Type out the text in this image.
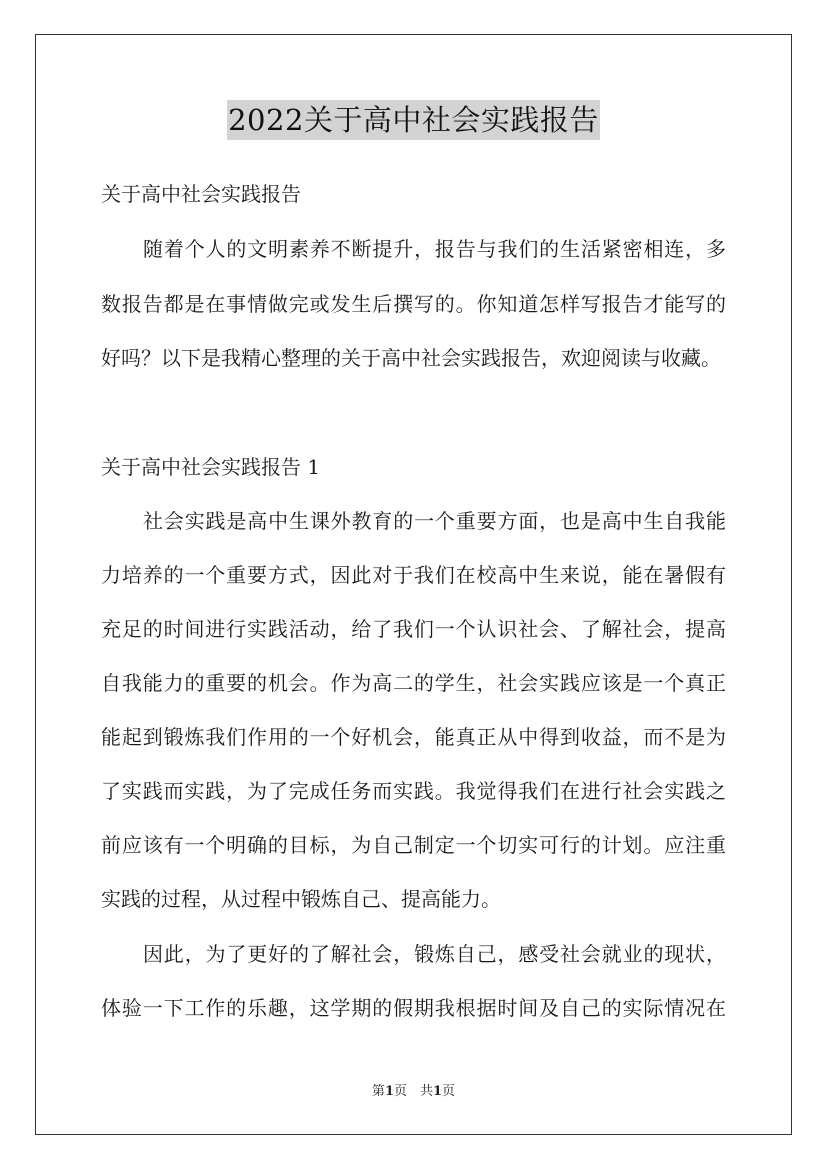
2022关于高中社会实践报告
关于高中社会实践报告
随着个人的文明素养不断提升，报告与我们的生活紧密相连，多
数报告都是在事情做完或发生后撰写的。你知道怎样写报告才能写的
好吗？以下是我精心整理的关于高中社会实践报告，欢迎阅读与收藏。
关于高中社会实践报告 1
社会实践是高中生课外教育的一个重要方面，也是高中生自我能
力培养的一个重要方式，因此对于我们在校高中生来说，能在暑假有
充足的时间进行实践活动，给了我们一个认识社会、了解社会，提高
自我能力的重要的机会。作为高二的学生，社会实践应该是一个真正
能起到锻炼我们作用的一个好机会，能真正从中得到收益，而不是为
了实践而实践，为了完成任务而实践。我觉得我们在进行社会实践之
前应该有一个明确的目标，为自己制定一个切实可行的计划。应注重
实践的过程，从过程中锻炼自己、提高能力。
因此，为了更好的了解社会，锻炼自己，感受社会就业的现状，
体验一下工作的乐趣，这学期的假期我根据时间及自己的实际情况在
第1页　共1页
